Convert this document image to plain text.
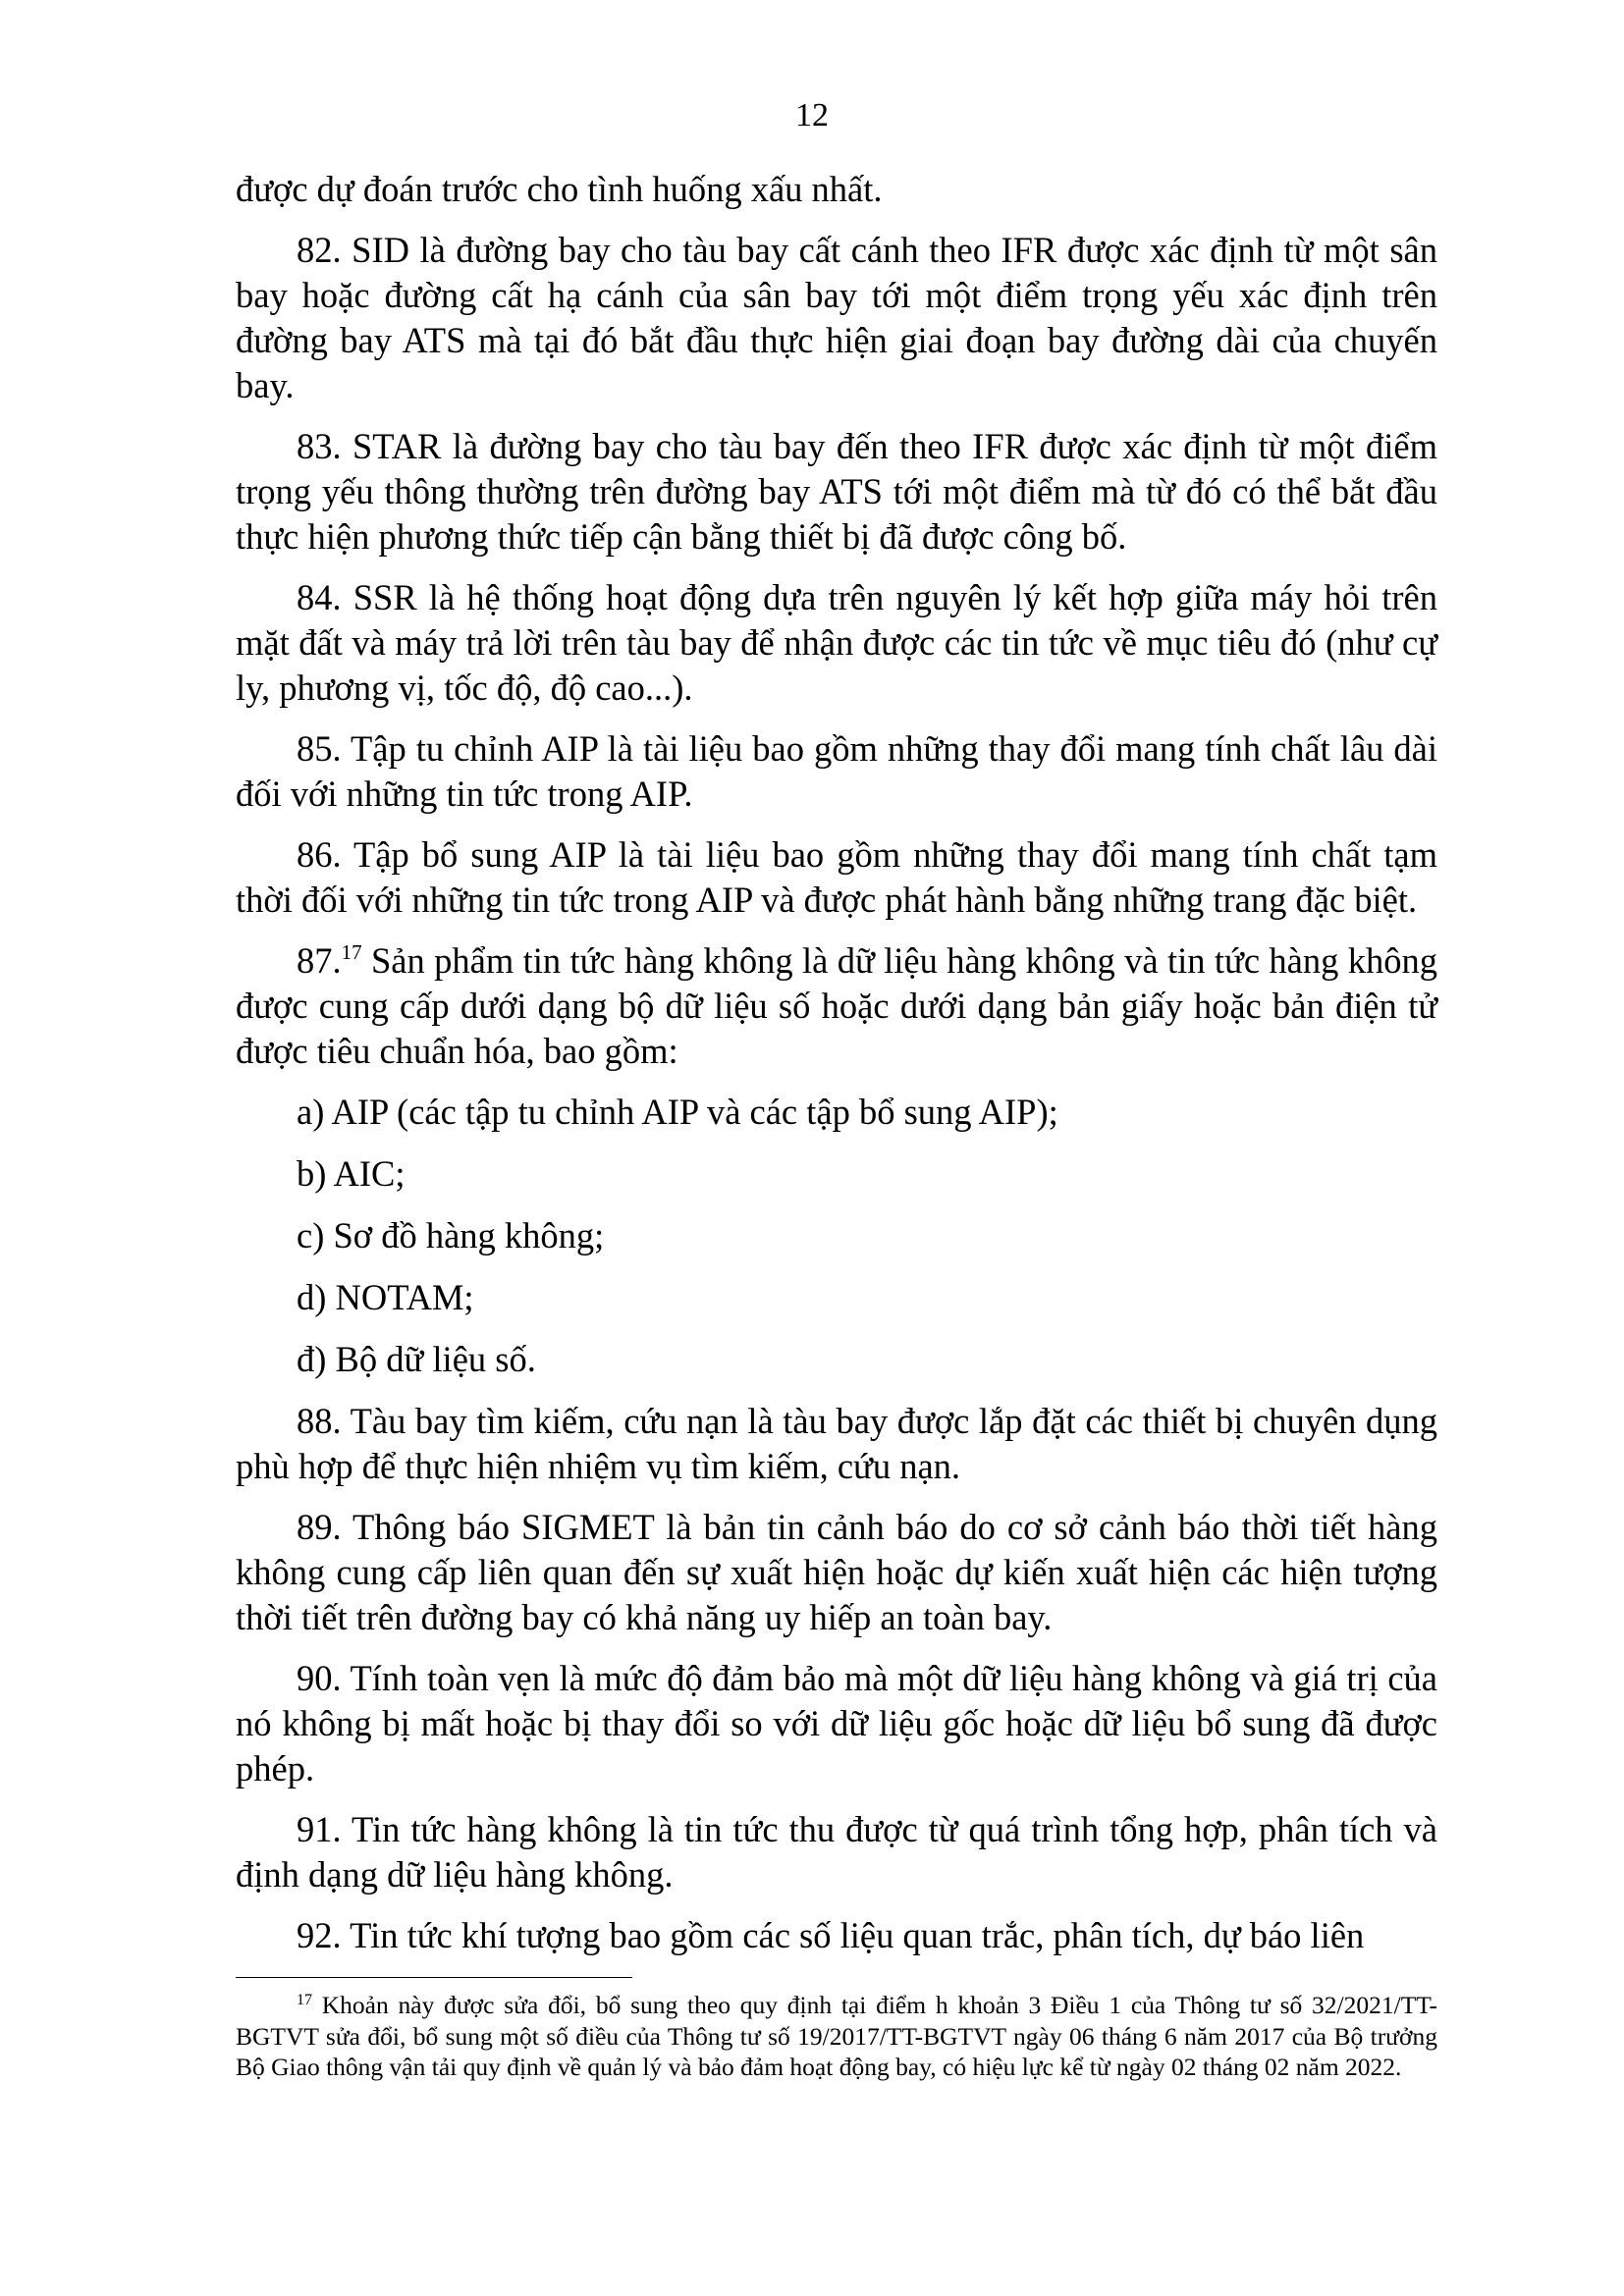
12

được dự đoán trước cho tình huống xấu nhất.

82. SID là đường bay cho tàu bay cất cánh theo IFR được xác định từ một sân bay hoặc đường cất hạ cánh của sân bay tới một điểm trọng yếu xác định trên đường bay ATS mà tại đó bắt đầu thực hiện giai đoạn bay đường dài của chuyến bay.

83. STAR là đường bay cho tàu bay đến theo IFR được xác định từ một điểm trọng yếu thông thường trên đường bay ATS tới một điểm mà từ đó có thể bắt đầu thực hiện phương thức tiếp cận bằng thiết bị đã được công bố.

84. SSR là hệ thống hoạt động dựa trên nguyên lý kết hợp giữa máy hỏi trên mặt đất và máy trả lời trên tàu bay để nhận được các tin tức về mục tiêu đó (như cự ly, phương vị, tốc độ, độ cao...).

85. Tập tu chỉnh AIP là tài liệu bao gồm những thay đổi mang tính chất lâu dài đối với những tin tức trong AIP.

86. Tập bổ sung AIP là tài liệu bao gồm những thay đổi mang tính chất tạm thời đối với những tin tức trong AIP và được phát hành bằng những trang đặc biệt.

87.17 Sản phẩm tin tức hàng không là dữ liệu hàng không và tin tức hàng không được cung cấp dưới dạng bộ dữ liệu số hoặc dưới dạng bản giấy hoặc bản điện tử được tiêu chuẩn hóa, bao gồm:

a) AIP (các tập tu chỉnh AIP và các tập bổ sung AIP);

b) AIC;

c) Sơ đồ hàng không;

d) NOTAM;

đ) Bộ dữ liệu số.

88. Tàu bay tìm kiếm, cứu nạn là tàu bay được lắp đặt các thiết bị chuyên dụng phù hợp để thực hiện nhiệm vụ tìm kiếm, cứu nạn.

89. Thông báo SIGMET là bản tin cảnh báo do cơ sở cảnh báo thời tiết hàng không cung cấp liên quan đến sự xuất hiện hoặc dự kiến xuất hiện các hiện tượng thời tiết trên đường bay có khả năng uy hiếp an toàn bay.

90. Tính toàn vẹn là mức độ đảm bảo mà một dữ liệu hàng không và giá trị của nó không bị mất hoặc bị thay đổi so với dữ liệu gốc hoặc dữ liệu bổ sung đã được phép.

91. Tin tức hàng không là tin tức thu được từ quá trình tổng hợp, phân tích và định dạng dữ liệu hàng không.

92. Tin tức khí tượng bao gồm các số liệu quan trắc, phân tích, dự báo liên

$^{17}$ Khoản này được sửa đổi, bổ sung theo quy định tại điểm h khoản 3 Điều 1 của Thông tư số 32/2021/TT-BGTVT sửa đổi, bổ sung một số điều của Thông tư số 19/2017/TT-BGTVT ngày 06 tháng 6 năm 2017 của Bộ trưởng Bộ Giao thông vận tải quy định về quản lý và bảo đảm hoạt động bay, có hiệu lực kể từ ngày 02 tháng 02 năm 2022.
